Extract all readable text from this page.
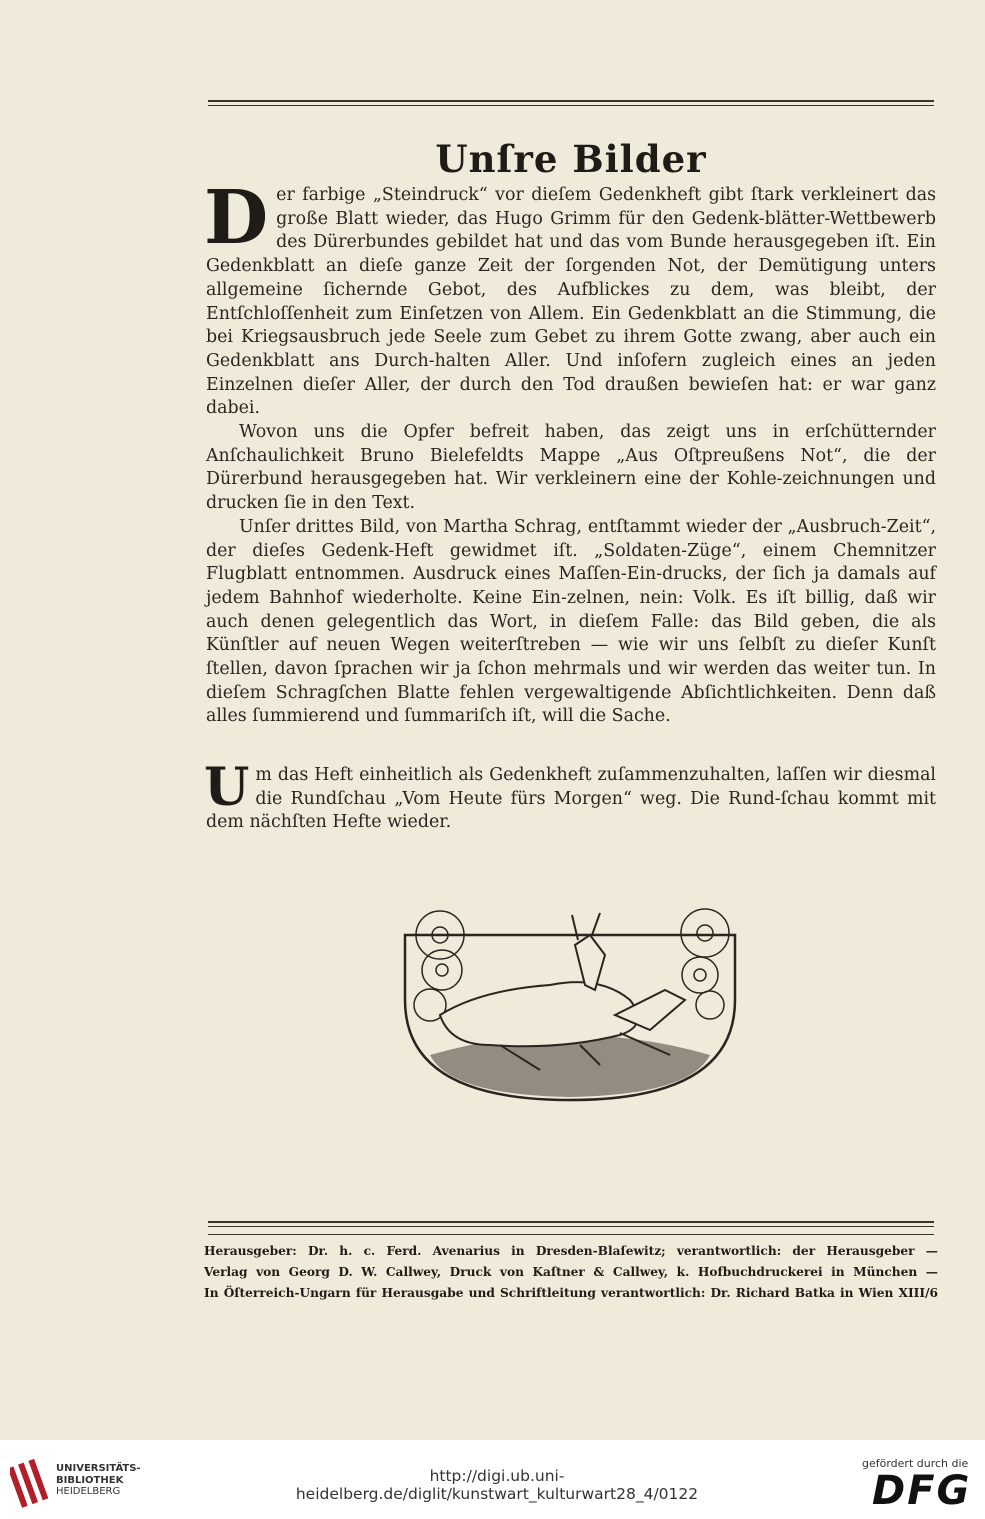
Unſre Bilder

Der farbige „Steindruck“ vor dieſem Gedenkheft gibt ſtark verkleinert das große Blatt wieder, das Hugo Grimm für den Gedenk-blätter-Wettbewerb des Dürerbundes gebildet hat und das vom Bunde herausgegeben iſt. Ein Gedenkblatt an dieſe ganze Zeit der ſorgenden Not, der Demütigung unters allgemeine ſichernde Gebot, des Aufblickes zu dem, was bleibt, der Entſchloſſenheit zum Einſetzen von Allem. Ein Gedenkblatt an die Stimmung, die bei Kriegsausbruch jede Seele zum Gebet zu ihrem Gotte zwang, aber auch ein Gedenkblatt ans Durch-halten Aller. Und inſofern zugleich eines an jeden Einzelnen dieſer Aller, der durch den Tod draußen bewieſen hat: er war ganz dabei.

Wovon uns die Opfer befreit haben, das zeigt uns in erſchütternder Anſchaulichkeit Bruno Bielefeldts Mappe „Aus Oſtpreußens Not“, die der Dürerbund herausgegeben hat. Wir verkleinern eine der Kohle-zeichnungen und drucken ſie in den Text.

Unſer drittes Bild, von Martha Schrag, entſtammt wieder der „Ausbruch-Zeit“, der dieſes Gedenk-Heft gewidmet iſt. „Soldaten-Züge“, einem Chemnitzer Flugblatt entnommen. Ausdruck eines Maſſen-Ein-drucks, der ſich ja damals auf jedem Bahnhof wiederholte. Keine Ein-zelnen, nein: Volk. Es iſt billig, daß wir auch denen gelegentlich das Wort, in dieſem Falle: das Bild geben, die als Künſtler auf neuen Wegen weiterſtreben — wie wir uns ſelbſt zu dieſer Kunſt ſtellen, davon ſprachen wir ja ſchon mehrmals und wir werden das weiter tun. In dieſem Schragſchen Blatte fehlen vergewaltigende Abſichtlichkeiten. Denn daß alles ſummierend und ſummariſch iſt, will die Sache.

Um das Heft einheitlich als Gedenkheft zuſammenzuhalten, laſſen wir diesmal die Rundſchau „Vom Heute fürs Morgen“ weg. Die Rund-ſchau kommt mit dem nächſten Hefte wieder.

Herausgeber: Dr. h. c. Ferd. Avenarius in Dresden-Blaſewitz; verantwortlich: der Herausgeber —
Verlag von Georg D. W. Callwey, Druck von Kaſtner & Callwey, k. Hofbuchdruckerei in München —
In Öſterreich-Ungarn für Herausgabe und Schriftleitung verantwortlich: Dr. Richard Batka in Wien XIII/6
UNIVERSITÄTS-
BIBLIOTHEK
HEIDELBERG
http://digi.ub.uni-heidelberg.de/diglit/kunstwart_kulturwart28_4/0122
gefördert durch die
DFG
